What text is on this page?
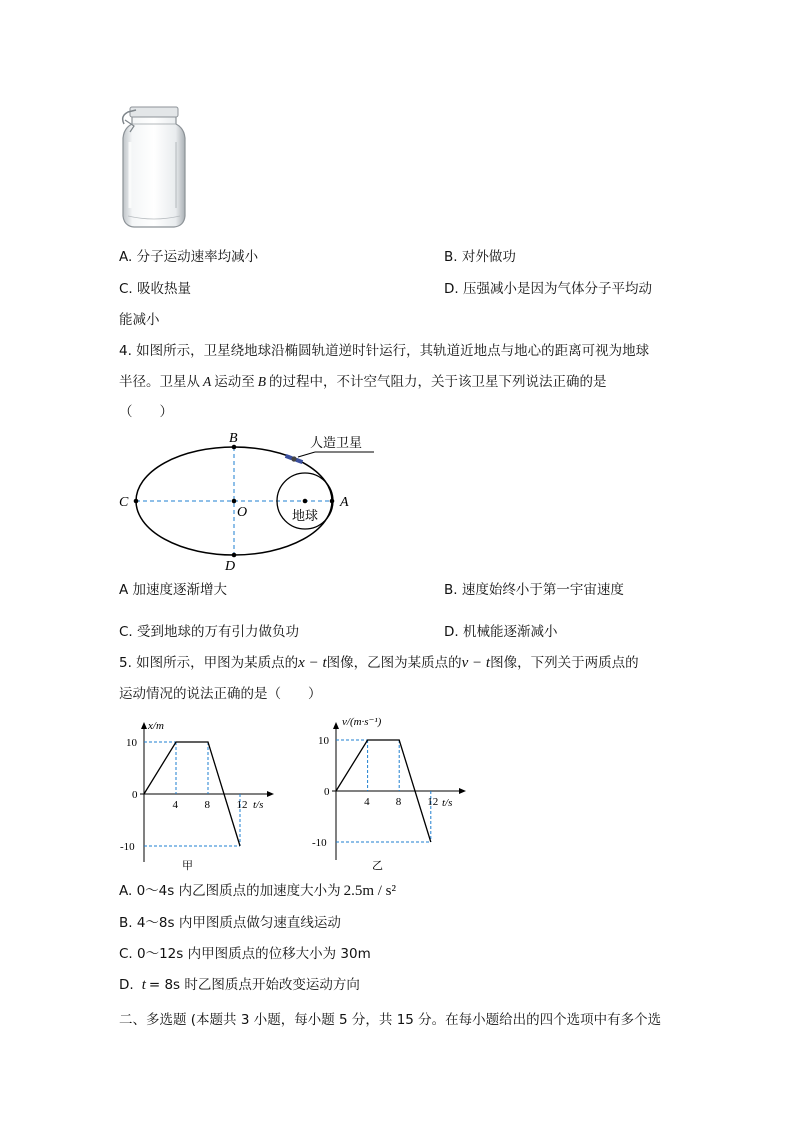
A. 分子运动速率均减小	B. 对外做功
C. 吸收热量	D. 压强减小是因为气体分子平均动
能减小
4. 如图所示，卫星绕地球沿椭圆轨道逆时针运行，其轨道近地点与地心的距离可视为地球
半径。卫星从 A 运动至 B 的过程中，不计空气阻力，关于该卫星下列说法正确的是
（　　）
B
C
O
A
D
地球
人造卫星
A 加速度逐渐增大	B. 速度始终小于第一宇宙速度
C. 受到地球的万有引力做负功	D. 机械能逐渐减小
5. 如图所示，甲图为某质点的x − t图像，乙图为某质点的v − t图像，下列关于两质点的
运动情况的说法正确的是（　　）
4 8 12
10
0
-10
x/m
t/s
甲
4 8 12
10
0
-10
v/(m·s⁻¹)
t/s
乙
A. 0～4s 内乙图质点的加速度大小为 2.5m / s²
B. 4～8s 内甲图质点做匀速直线运动
C. 0～12s 内甲图质点的位移大小为 30m
D. t = 8s 时乙图质点开始改变运动方向
二、多选题 (本题共 3 小题，每小题 5 分，共 15 分。在每小题给出的四个选项中有多个选
